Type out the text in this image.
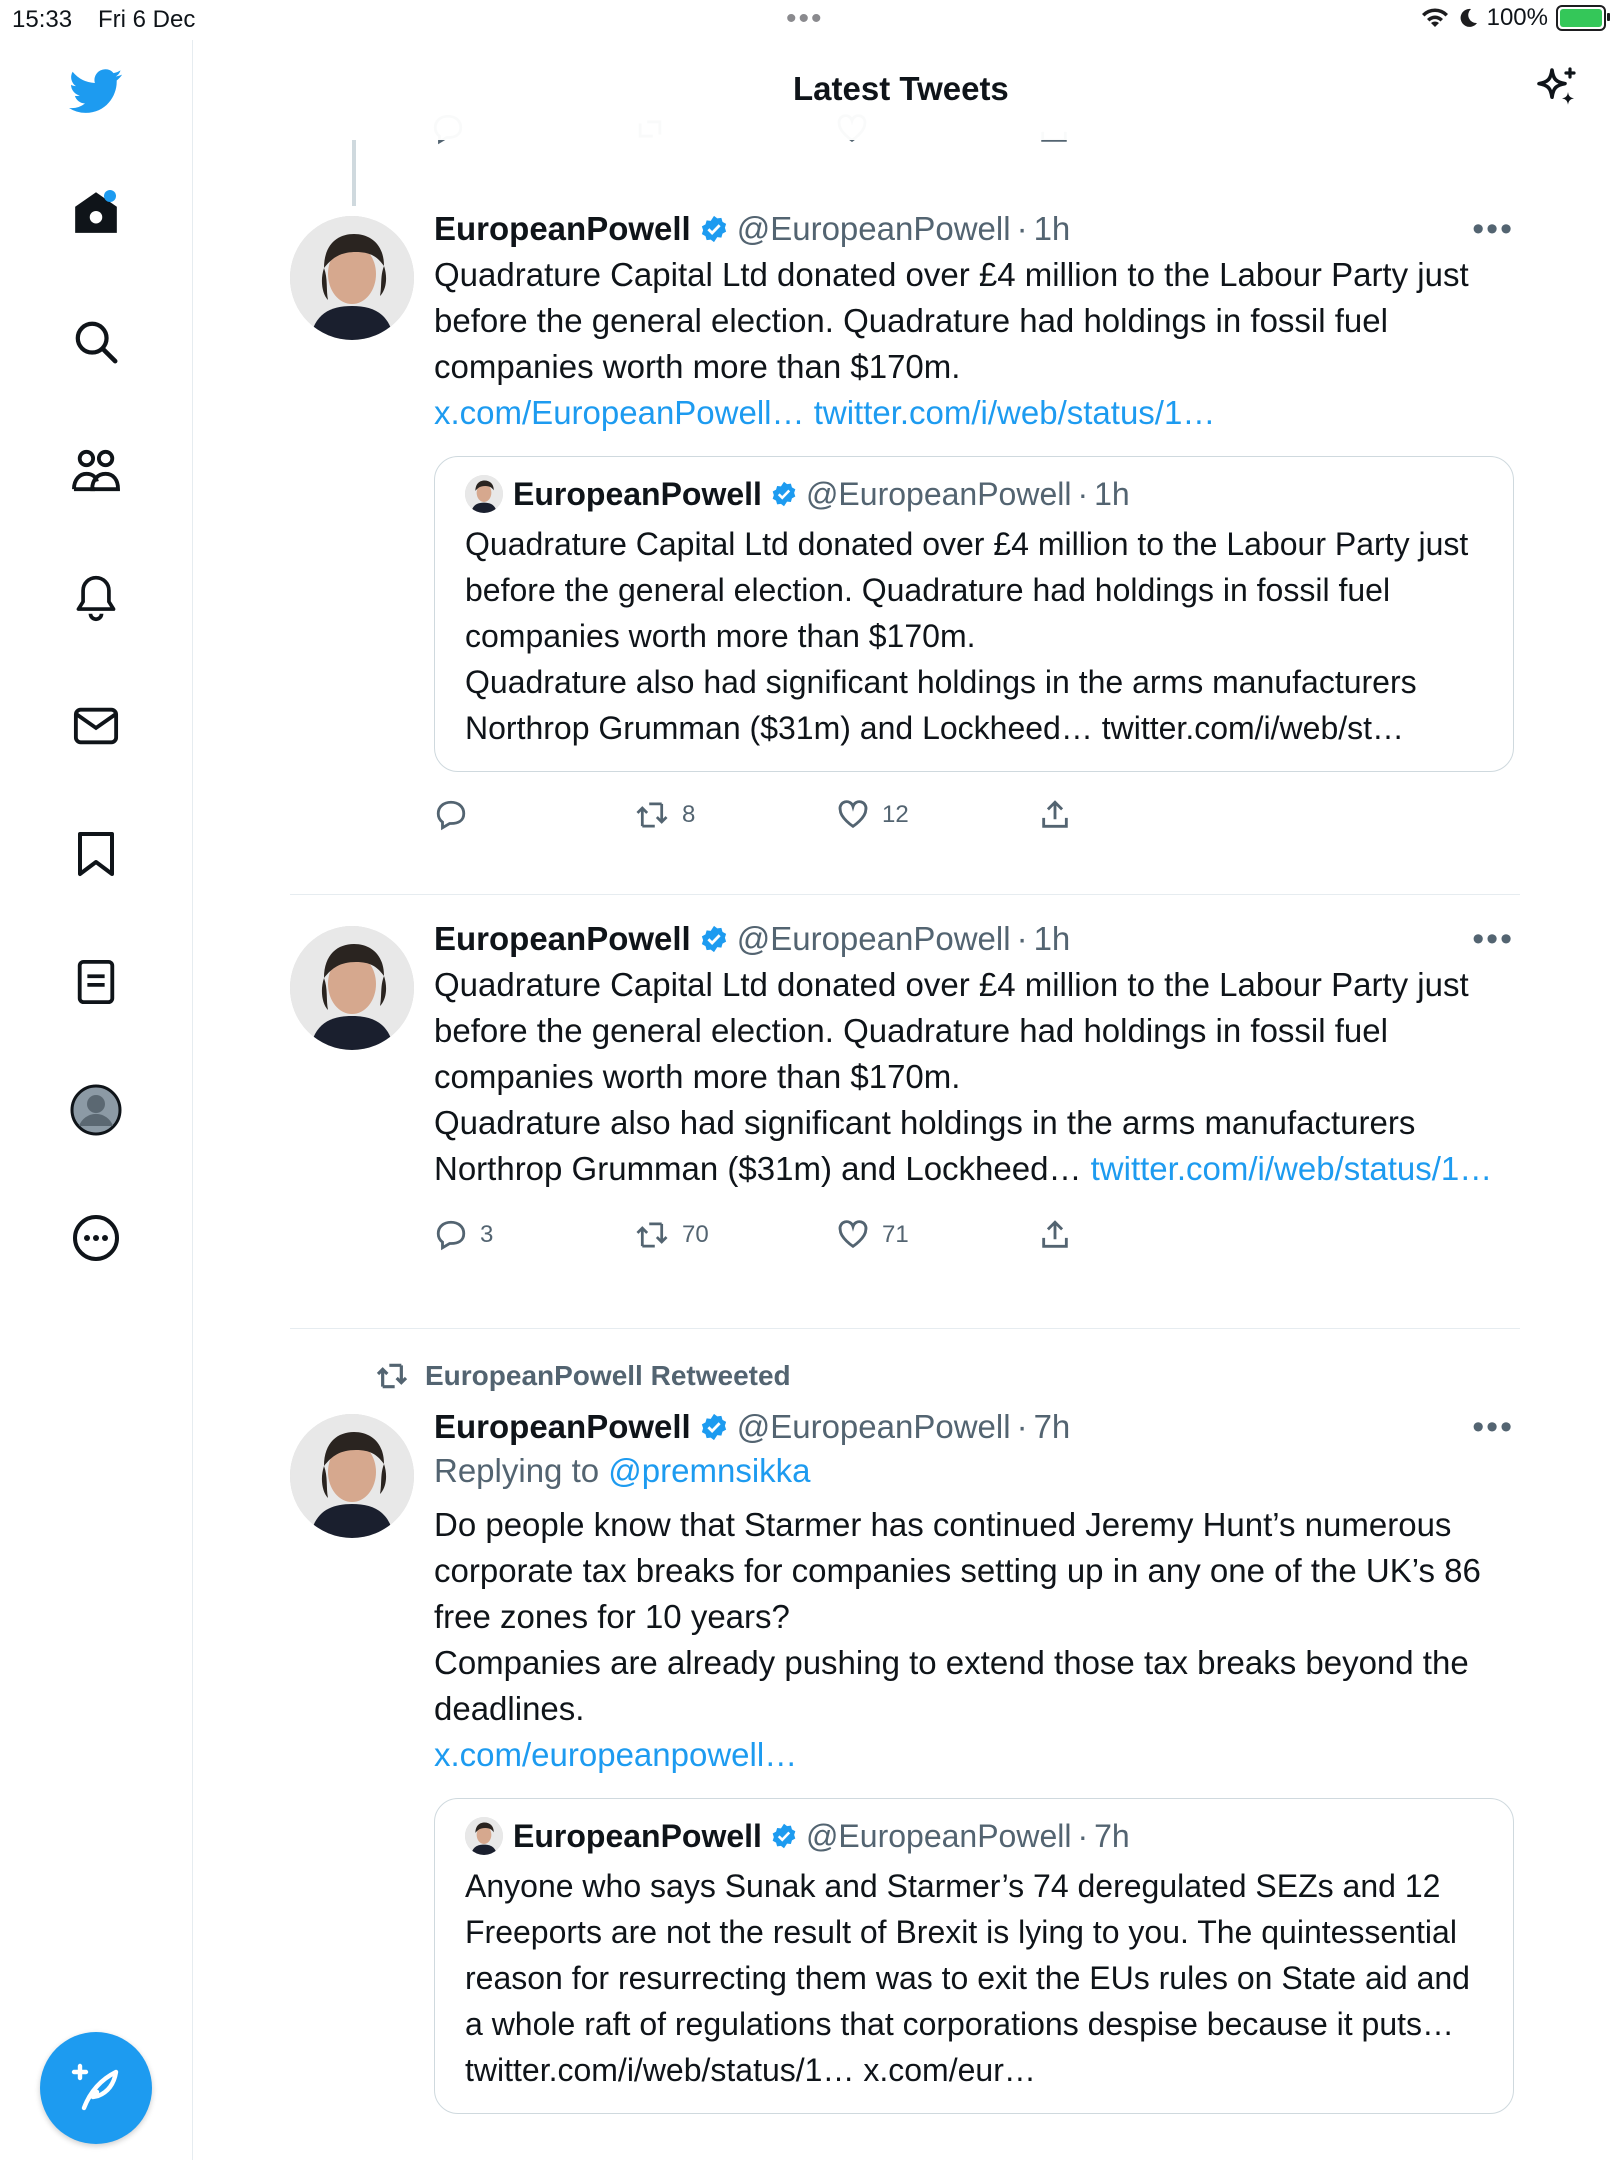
15:33 Fri 6 Dec	•••	100%
Latest Tweets
EuropeanPowell @EuropeanPowell · 1h	•••
Quadrature Capital Ltd donated over £4 million to the Labour Party just before the general election. Quadrature had holdings in fossil fuel companies worth more than $170m.
x.com/EuropeanPowell… twitter.com/i/web/status/1…
EuropeanPowell @EuropeanPowell · 1h
Quadrature Capital Ltd donated over £4 million to the Labour Party just before the general election. Quadrature had holdings in fossil fuel companies worth more than $170m.
Quadrature also had significant holdings in the arms manufacturers Northrop Grumman ($31m) and Lockheed… twitter.com/i/web/st…
8	12
EuropeanPowell @EuropeanPowell · 1h	•••
Quadrature Capital Ltd donated over £4 million to the Labour Party just before the general election. Quadrature had holdings in fossil fuel companies worth more than $170m.
Quadrature also had significant holdings in the arms manufacturers Northrop Grumman ($31m) and Lockheed… twitter.com/i/web/status/1…
3	70	71
EuropeanPowell Retweeted
EuropeanPowell @EuropeanPowell · 7h	•••
Replying to @premnsikka
Do people know that Starmer has continued Jeremy Hunt’s numerous corporate tax breaks for companies setting up in any one of the UK’s 86 free zones for 10 years?
Companies are already pushing to extend those tax breaks beyond the deadlines.
x.com/europeanpowell…
EuropeanPowell @EuropeanPowell · 7h
Anyone who says Sunak and Starmer’s 74 deregulated SEZs and 12 Freeports are not the result of Brexit is lying to you. The quintessential reason for resurrecting them was to exit the EUs rules on State aid and a whole raft of regulations that corporations despise because it puts… twitter.com/i/web/status/1… x.com/eur…
